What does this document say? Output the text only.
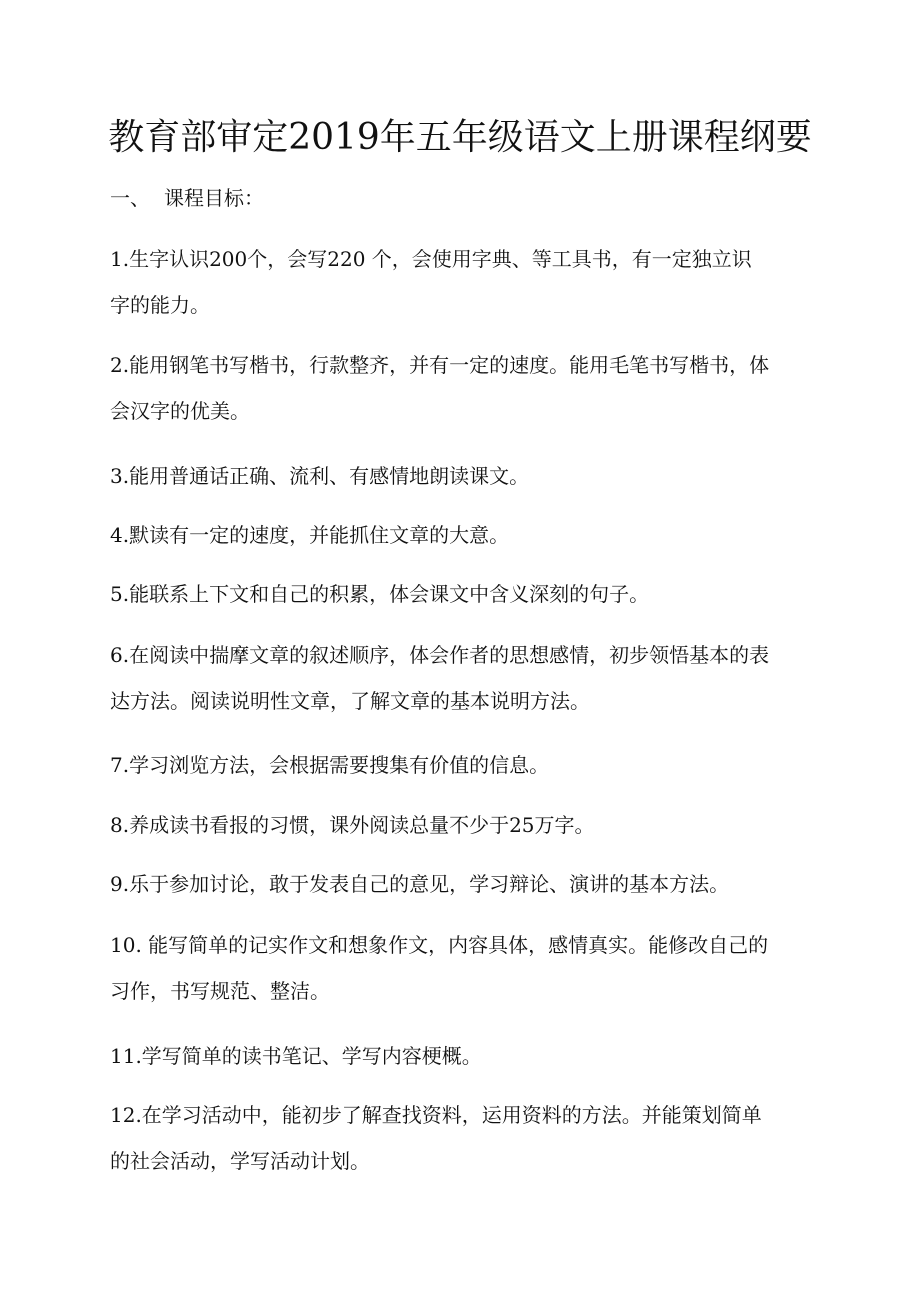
教育部审定2019年五年级语文上册课程纲要
一、 课程目标：
1.生字认识200个，会写220 个，会使用字典、等工具书，有一定独立识
字的能力。
2.能用钢笔书写楷书，行款整齐，并有一定的速度。能用毛笔书写楷书，体
会汉字的优美。
3.能用普通话正确、流利、有感情地朗读课文。
4.默读有一定的速度，并能抓住文章的大意。
5.能联系上下文和自己的积累，体会课文中含义深刻的句子。
6.在阅读中揣摩文章的叙述顺序，体会作者的思想感情，初步领悟基本的表
达方法。阅读说明性文章，了解文章的基本说明方法。
7.学习浏览方法，会根据需要搜集有价值的信息。
8.养成读书看报的习惯，课外阅读总量不少于25万字。
9.乐于参加讨论，敢于发表自己的意见，学习辩论、演讲的基本方法。
10. 能写简单的记实作文和想象作文，内容具体，感情真实。能修改自己的
习作，书写规范、整洁。
11.学写简单的读书笔记、学写内容梗概。
12.在学习活动中，能初步了解查找资料，运用资料的方法。并能策划简单
的社会活动，学写活动计划。
